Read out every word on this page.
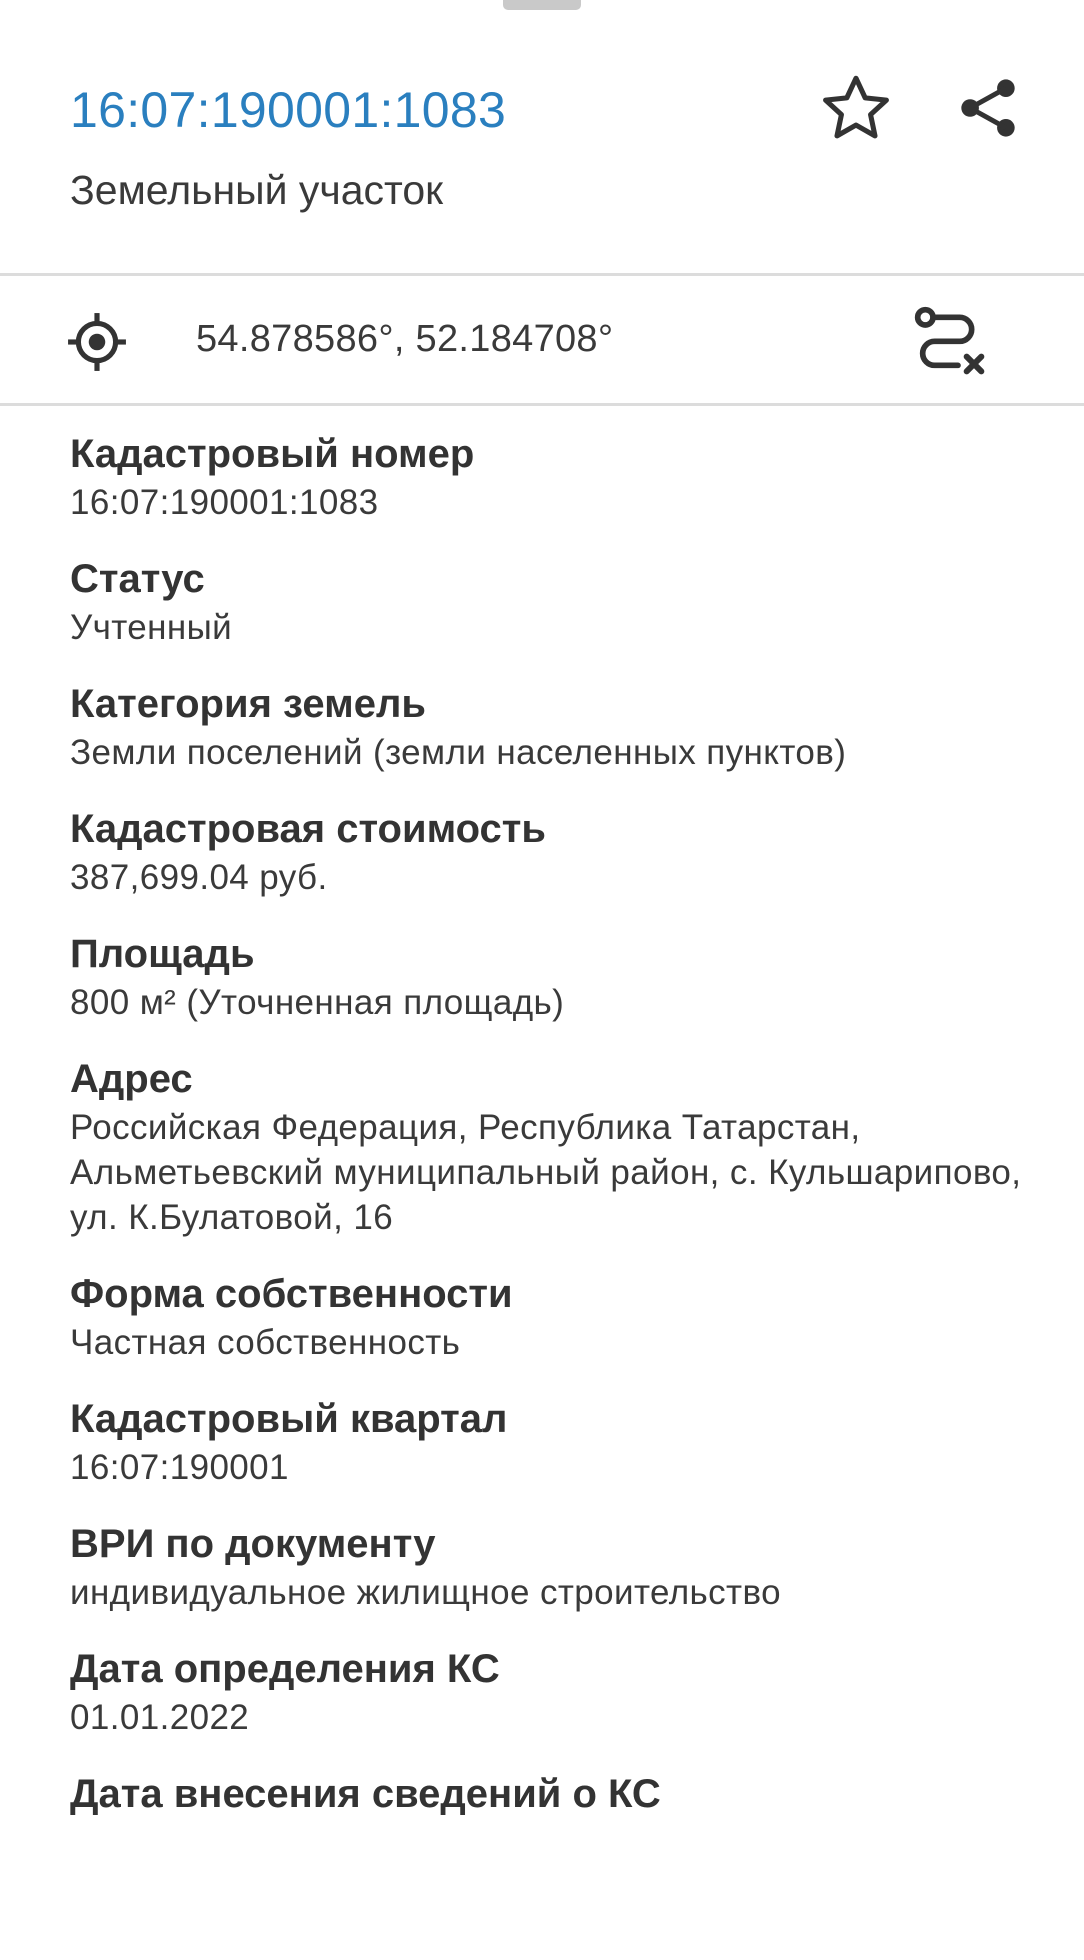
16:07:190001:1083
Земельный участок
54.878586°, 52.184708°
Кадастровый номер
16:07:190001:1083
Статус
Учтенный
Категория земель
Земли поселений (земли населенных пунктов)
Кадастровая стоимость
387,699.04 руб.
Площадь
800 м² (Уточненная площадь)
Адрес
Российская Федерация, Республика Татарстан, Альметьевский муниципальный район, с. Кульшарипово, ул. К.Булатовой, 16
Форма собственности
Частная собственность
Кадастровый квартал
16:07:190001
ВРИ по документу
индивидуальное жилищное строительство
Дата определения КС
01.01.2022
Дата внесения сведений о КС
